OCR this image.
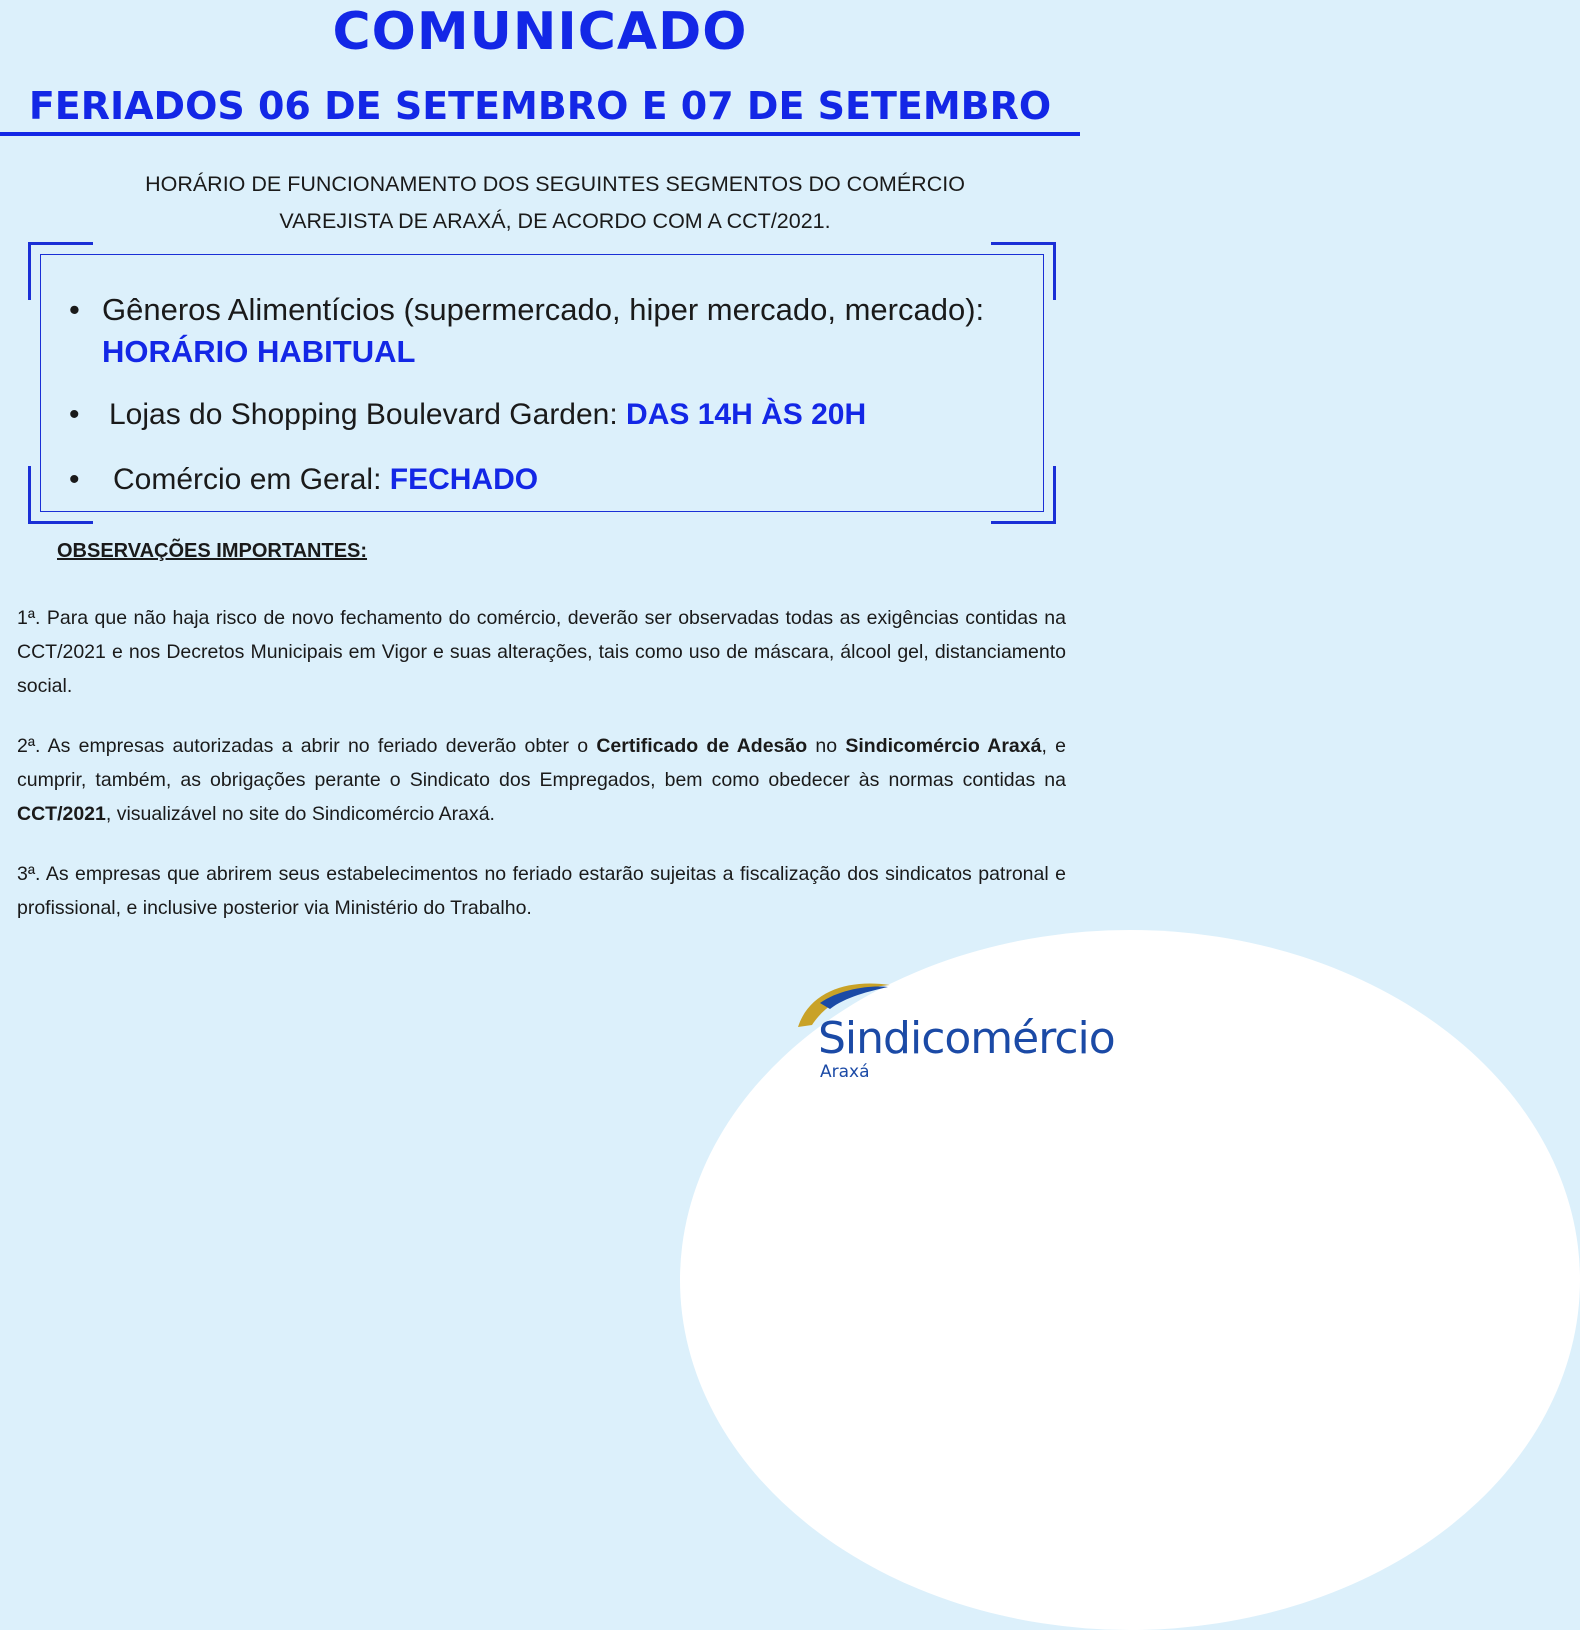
COMUNICADO
FERIADOS 06 DE SETEMBRO E 07 DE SETEMBRO

HORÁRIO DE FUNCIONAMENTO DOS SEGUINTES SEGMENTOS DO COMÉRCIO VAREJISTA DE ARAXÁ, DE ACORDO COM A CCT/2021.

• Gêneros Alimentícios (supermercado, hiper mercado, mercado): HORÁRIO HABITUAL
• Lojas do Shopping Boulevard Garden: DAS 14H ÀS 20H
• Comércio em Geral: FECHADO

OBSERVAÇÕES IMPORTANTES:

1ª. Para que não haja risco de novo fechamento do comércio, deverão ser observadas todas as exigências contidas na CCT/2021 e nos Decretos Municipais em Vigor e suas alterações, tais como uso de máscara, álcool gel, distanciamento social.

2ª. As empresas autorizadas a abrir no feriado deverão obter o Certificado de Adesão no Sindicomércio Araxá, e cumprir, também, as obrigações perante o Sindicato dos Empregados, bem como obedecer às normas contidas na CCT/2021, visualizável no site do Sindicomércio Araxá.

3ª. As empresas que abrirem seus estabelecimentos no feriado estarão sujeitas a fiscalização dos sindicatos patronal e profissional, e inclusive posterior via Ministério do Trabalho.

Sindicomércio
Araxá
